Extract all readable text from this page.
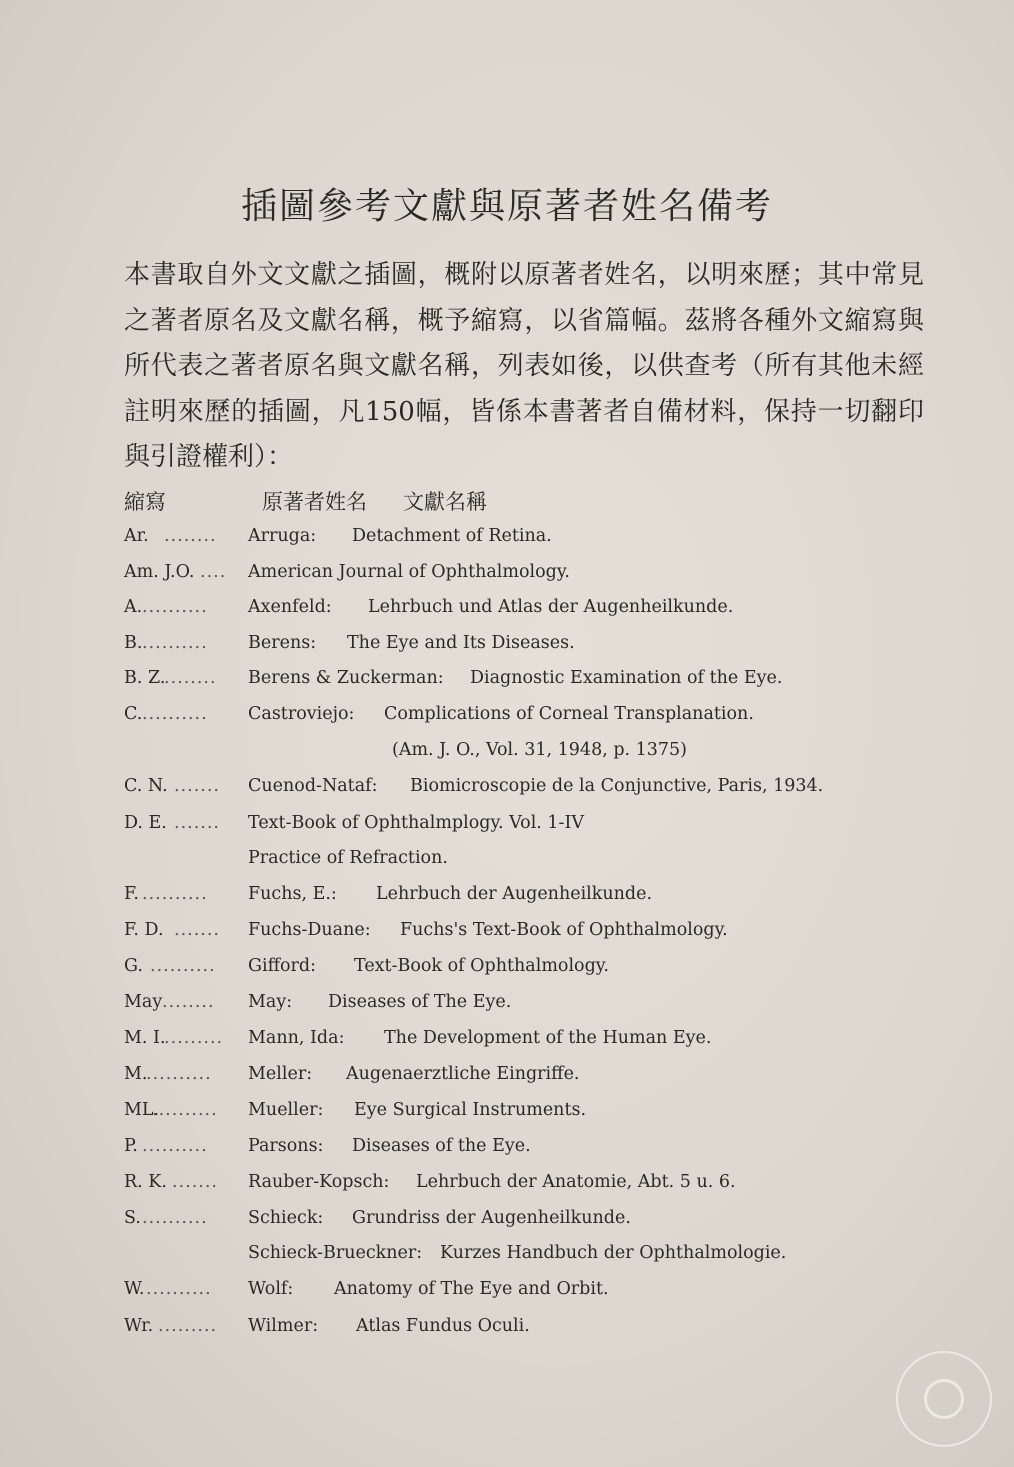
插圖參考文獻與原著者姓名備考

本書取自外文文獻之插圖，概附以原著者姓名，以明來歷；其中常見之著者原名及文獻名稱，概予縮寫，以省篇幅。茲將各種外文縮寫與所代表之著者原名與文獻名稱，列表如後，以供查考（所有其他未經註明來歷的插圖，凡150幅，皆係本書著者自備材料，保持一切翻印與引證權利）：

縮寫	原著者姓名 文獻名稱
Ar. ........ Arruga: Detachment of Retina.
Am. J.O. .... American Journal of Ophthalmology.
A. .......... Axenfeld: Lehrbuch und Atlas der Augenheilkunde.
B. .......... Berens: The Eye and Its Diseases.
B. Z.
........ Berens & Zuckerman: Diagnostic Examination of the Eye.
C. .......... Castroviejo: Complications of Corneal Transplanation.
(Am. J. O., Vol. 31, 1948, p. 1375)
C. N. ....... Cuenod-Nataf: Biomicroscopie de la Conjunctive, Paris, 1934.
D. E. ....... Text-Book of Ophthalmplogy. Vol. 1-IV
Practice of Refraction.
F. .......... Fuchs, E.: Lehrbuch der Augenheilkunde.
F. D. ....... Fuchs-Duane: Fuchs's Text-Book of Ophthalmology.
G. .......... Gifford: Text-Book of Ophthalmology.
May ........ May: Diseases of The Eye.
M. I.
......... Mann, Ida: The Development of the Human Eye.
M.
.......... Meller: Augenaerztliche Eingriffe.
ML.
.......... Mueller: Eye Surgical Instruments.
P. .......... Parsons: Diseases of the Eye.
R. K. ....... Rauber-Kopsch: Lehrbuch der Anatomie, Abt. 5 u. 6.
S. .......... Schieck: Grundriss der Augenheilkunde.
Schieck-Brueckner: Kurzes Handbuch der Ophthalmologie.
W. .......... Wolf: Anatomy of The Eye and Orbit.
Wr. ......... Wilmer: Atlas Fundus Oculi.
